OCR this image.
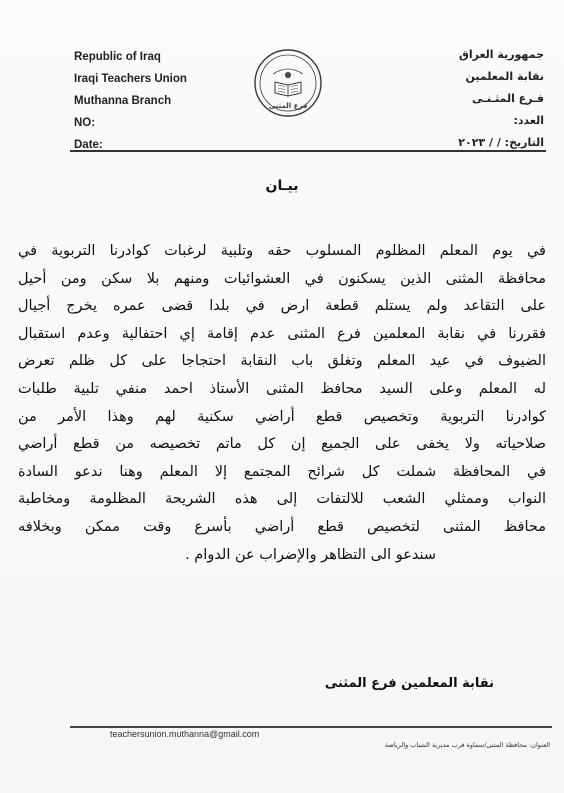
Republic of Iraq
Iraqi Teachers Union
Muthanna Branch
NO:
Date:
فرع المثنى
جمهورية العراق
نقابة المعلمين
فـرع المثـنـى
العدد:
التاريخ: / / ٢٠٢٣
بيـان
في يوم المعلم المظلوم المسلوب حقه وتلبية لرغبات كوادرنا التربوية في
محافظة المثنى الذين يسكنون في العشوائيات ومنهم بلا سكن ومن أحيل
على التقاعد ولم يستلم قطعة ارض في بلدا قضى عمره يخرج أجيال
فقررنا في نقابة المعلمين فرع المثنى عدم إقامة إي احتفالية وعدم استقبال
الضيوف في عيد المعلم وتغلق باب النقابة احتجاجا على كل ظلم تعرض
له المعلم وعلى السيد محافظ المثنى الأستاذ احمد منفي تلبية طلبات
كوادرنا التربوية وتخصيص قطع أراضي سكنية لهم وهذا الأمر من
صلاحياته ولا يخفى على الجميع إن كل ماتم تخصيصه من قطع أراضي
في المحافظة شملت كل شرائح المجتمع إلا المعلم وهنا ندعو السادة
النواب وممثلي الشعب للالتفات إلى هذه الشريحة المظلومة ومخاطبة
محافظ المثنى لتخصيص قطع أراضي بأسرع وقت ممكن وبخلافه
سندعو الى التظاهر والإضراب عن الدوام .
نقابة المعلمين فرع المثنى
teachersunion.muthanna@gmail.com
العنوان: محافظة المثنى/سماوة قرب مديرية الشباب والرياضة
